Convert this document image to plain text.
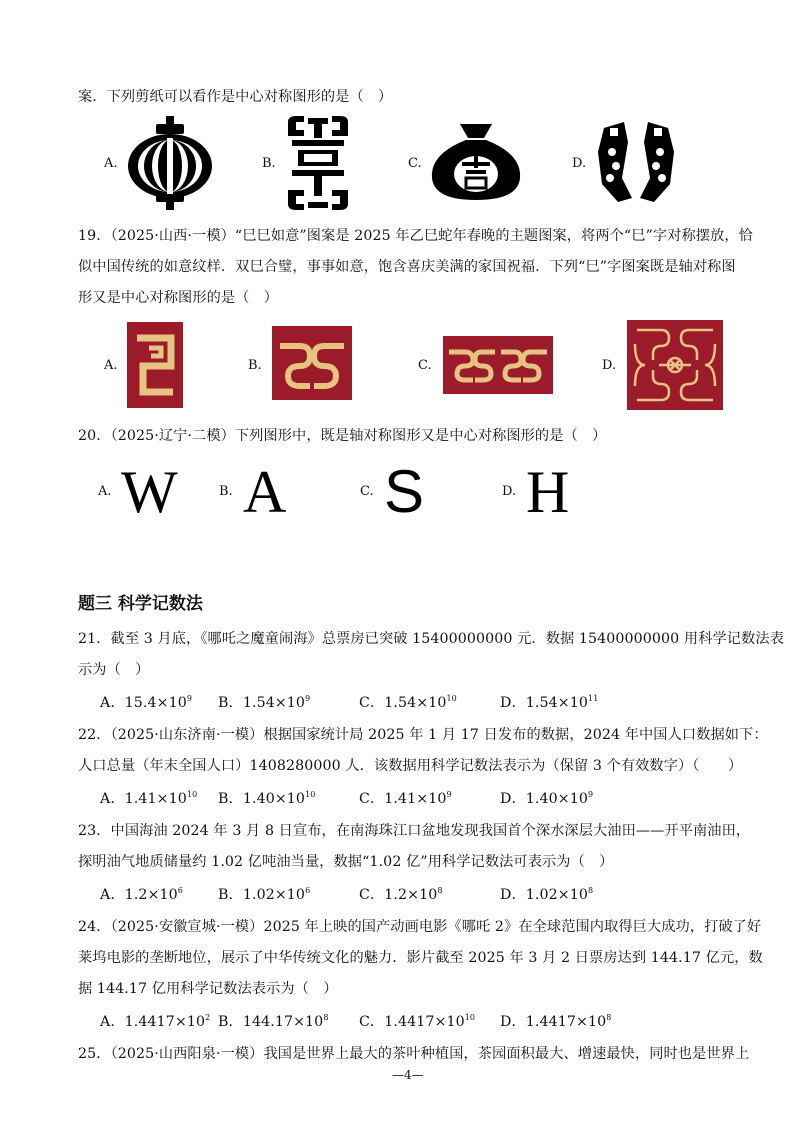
案．下列剪纸可以看作是中心对称图形的是（　）
A.	B.	C.	D.
19．（2025·山西·一模）“巳巳如意”图案是 2025 年乙巳蛇年春晚的主题图案，将两个“巳”字对称摆放，恰
似中国传统的如意纹样．双巳合璧，事事如意，饱含喜庆美满的家国祝福．下列“巳”字图案既是轴对称图
形又是中心对称图形的是（　）
A.	B.	C.	D.
20．（2025·辽宁·二模）下列图形中，既是轴对称图形又是中心对称图形的是（　）
A. W	B. A	C. S	D. H
题三 科学记数法
21．截至 3 月底，《哪吒之魔童闹海》总票房已突破 15400000000 元．数据 15400000000 用科学记数法表
示为（　）
A．$15.4\times 10^9$ B．$1.54\times 10^9$	C．$1.54\times 10^{10}$	D．$1.54\times 10^{11}$
22．（2025·山东济南·一模）根据国家统计局 2025 年 1 月 17 日发布的数据，2024 年中国人口数据如下：
人口总量（年末全国人口）1408280000 人．该数据用科学记数法表示为（保留 3 个有效数字）（　　）
A．$1.41\times 10^{10}$ B．$1.40\times 10^{10}$	C．$1.41\times 10^9$	D．$1.40\times 10^9$
23．中国海油 2024 年 3 月 8 日宣布，在南海珠江口盆地发现我国首个深水深层大油田——开平南油田，
探明油气地质储量约 1.02 亿吨油当量，数据“1.02 亿”用科学记数法可表示为（　）
A．$1.2\times 10^6$ B．$1.02\times 10^6$	C．$1.2\times 10^8$	D．$1.02\times 10^8$
24．（2025·安徽宣城·一模）2025 年上映的国产动画电影《哪吒 2》在全球范围内取得巨大成功，打破了好
莱坞电影的垄断地位，展示了中华传统文化的魅力．影片截至 2025 年 3 月 2 日票房达到 144.17 亿元，数
据 144.17 亿用科学记数法表示为（　）
A．$1.4417\times 10^2$ B．$144.17\times 10^8$ C．$1.4417\times 10^{10}$ D．$1.4417\times 10^8$
25．（2025·山西阳泉·一模）我国是世界上最大的茶叶种植国，茶园面积最大、增速最快，同时也是世界上
—4—
